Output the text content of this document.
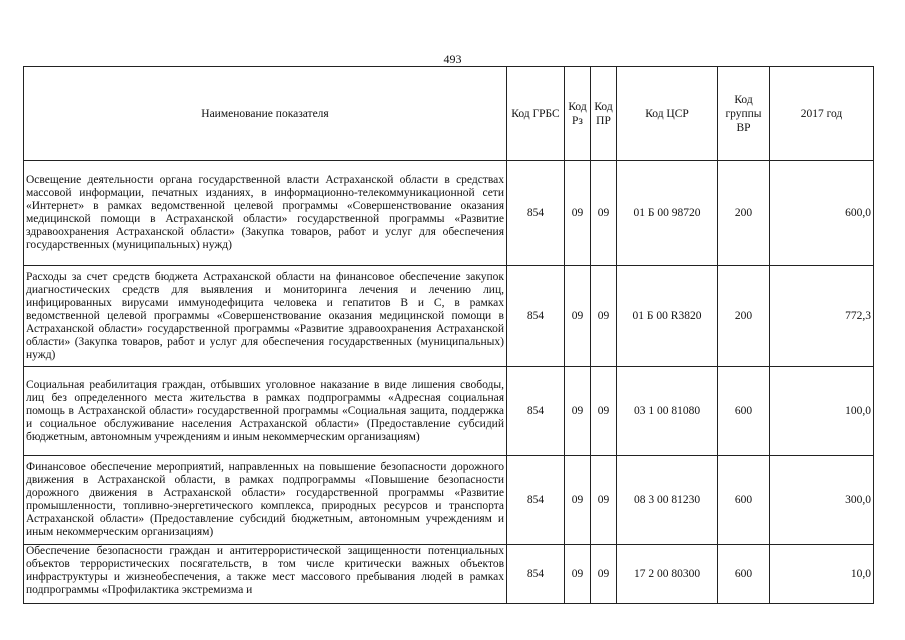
493
Наименование показателя	Код ГРБС	Код Рз	Код ПР	Код ЦСР	Код группы ВР	2017 год
Освещение деятельности органа государственной власти Астраханской области в средствах массовой информации, печатных изданиях, в информационно-телекоммуникационной сети «Интернет» в рамках ведомственной целевой программы «Совершенствование оказания медицинской помощи в Астраханской области» государственной программы «Развитие здравоохранения Астраханской области» (Закупка товаров, работ и услуг для обеспечения государственных (муниципальных) нужд)	854	09	09	01 Б 00 98720	200	600,0
Расходы за счет средств бюджета Астраханской области на финансовое обеспечение закупок диагностических средств для выявления и мониторинга лечения и лечению лиц, инфицированных вирусами иммунодефицита человека и гепатитов В и С, в рамках ведомственной целевой программы «Совершенствование оказания медицинской помощи в Астраханской области» государственной программы «Развитие здравоохранения Астраханской области» (Закупка товаров, работ и услуг для обеспечения государственных (муниципальных) нужд)	854	09	09	01 Б 00 R3820	200	772,3
Социальная реабилитация граждан, отбывших уголовное наказание в виде лишения свободы, лиц без определенного места жительства в рамках подпрограммы «Адресная социальная помощь в Астраханской области» государственной программы «Социальная защита, поддержка и социальное обслуживание населения Астраханской области» (Предоставление субсидий бюджетным, автономным учреждениям и иным некоммерческим организациям)	854	09	09	03 1 00 81080	600	100,0
Финансовое обеспечение мероприятий, направленных на повышение безопасности дорожного движения в Астраханской области, в рамках подпрограммы «Повышение безопасности дорожного движения в Астраханской области» государственной программы «Развитие промышленности, топливно-энергетического комплекса, природных ресурсов и транспорта Астраханской области» (Предоставление субсидий бюджетным, автономным учреждениям и иным некоммерческим организациям)	854	09	09	08 3 00 81230	600	300,0
Обеспечение безопасности граждан и антитеррористической защищенности потенциальных объектов террористических посягательств, в том числе критически важных объектов инфраструктуры и жизнеобеспечения, а также мест массового пребывания людей в рамках подпрограммы «Профилактика экстремизма и	854	09	09	17 2 00 80300	600	10,0
